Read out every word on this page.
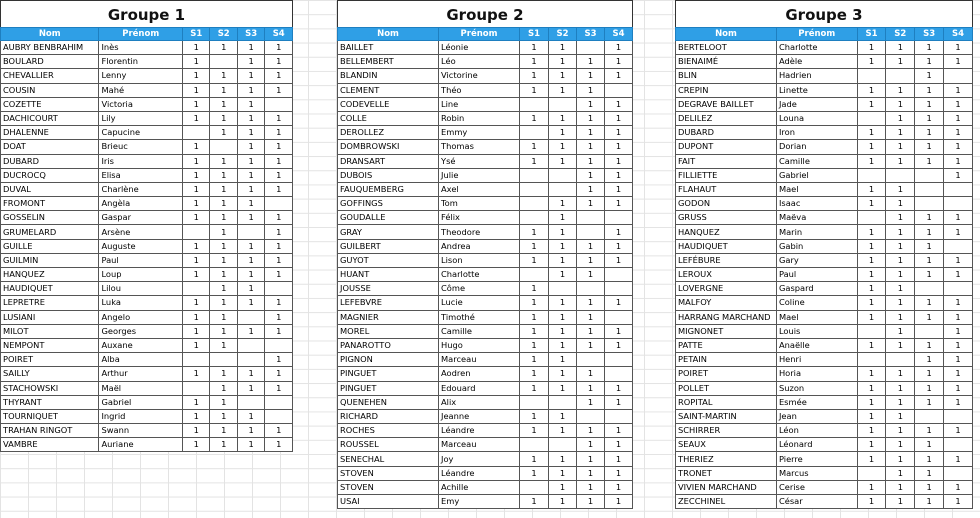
Groupe 1
Nom	Prénom	S1	S2	S3	S4
AUBRY BENBRAHIM	Inès	1	1	1	1
BOULARD	Florentin	1		1	1
CHEVALLIER	Lenny	1	1	1	1
COUSIN	Mahé	1	1	1	1
COZETTE	Victoria	1	1	1	
DACHICOURT	Lily	1	1	1	1
DHALENNE	Capucine		1	1	1
DOAT	Brieuc	1		1	1
DUBARD	Iris	1	1	1	1
DUCROCQ	Elisa	1	1	1	1
DUVAL	Charlène	1	1	1	1
FROMONT	Angèla	1	1	1	
GOSSELIN	Gaspar	1	1	1	1
GRUMELARD	Arsène		1		1
GUILLE	Auguste	1	1	1	1
GUILMIN	Paul	1	1	1	1
HANQUEZ	Loup	1	1	1	1
HAUDIQUET	Lilou		1	1	
LEPRETRE	Luka	1	1	1	1
LUSIANI	Angelo	1	1		1
MILOT	Georges	1	1	1	1
NEMPONT	Auxane	1	1		
POIRET	Alba				1
SAILLY	Arthur	1	1	1	1
STACHOWSKI	Maël		1	1	1
THYRANT	Gabriel	1	1		
TOURNIQUET	Ingrid	1	1	1	
TRAHAN RINGOT	Swann	1	1	1	1
VAMBRE	Auriane	1	1	1	1
Groupe 2
Nom	Prénom	S1	S2	S3	S4
BAILLET	Léonie	1	1		1
BELLEMBERT	Léo	1	1	1	1
BLANDIN	Victorine	1	1	1	1
CLEMENT	Théo	1	1	1	
CODEVELLE	Line			1	1
COLLE	Robin	1	1	1	1
DEROLLEZ	Emmy		1	1	1
DOMBROWSKI	Thomas	1	1	1	1
DRANSART	Ysé	1	1	1	1
DUBOIS	Julie			1	1
FAUQUEMBERG	Axel			1	1
GOFFINGS	Tom		1	1	1
GOUDALLE	Félix		1		
GRAY	Theodore	1	1		1
GUILBERT	Andrea	1	1	1	1
GUYOT	Lison	1	1	1	1
HUANT	Charlotte		1	1	
JOUSSE	Côme	1			
LEFEBVRE	Lucie	1	1	1	1
MAGNIER	Timothé	1	1	1	
MOREL	Camille	1	1	1	1
PANAROTTO	Hugo	1	1	1	1
PIGNON	Marceau	1	1		
PINGUET	Aodren	1	1	1	
PINGUET	Edouard	1	1	1	1
QUENEHEN	Alix			1	1
RICHARD	Jeanne	1	1		
ROCHES	Léandre	1	1	1	1
ROUSSEL	Marceau			1	1
SENECHAL	Joy	1	1	1	1
STOVEN	Léandre	1	1	1	1
STOVEN	Achille		1	1	1
USAI	Emy	1	1	1	1
Groupe 3
Nom	Prénom	S1	S2	S3	S4
BERTELOOT	Charlotte	1	1	1	1
BIENAIMÉ	Adèle	1	1	1	1
BLIN	Hadrien			1	
CREPIN	Linette	1	1	1	1
DEGRAVE BAILLET	Jade	1	1	1	1
DELILEZ	Louna		1	1	1
DUBARD	Iron	1	1	1	1
DUPONT	Dorian	1	1	1	1
FAIT	Camille	1	1	1	1
FILLIETTE	Gabriel				1
FLAHAUT	Mael	1	1		
GODON	Isaac	1	1		
GRUSS	Maëva		1	1	1
HANQUEZ	Marin	1	1	1	1
HAUDIQUET	Gabin	1	1	1	
LEFÉBURE	Gary	1	1	1	1
LEROUX	Paul	1	1	1	1
LOVERGNE	Gaspard	1	1		
MALFOY	Coline	1	1	1	1
HARRANG MARCHAND	Mael	1	1	1	1
MIGNONET	Louis		1		1
PATTE	Anaëlle	1	1	1	1
PETAIN	Henri			1	1
POIRET	Horia	1	1	1	1
POLLET	Suzon	1	1	1	1
ROPITAL	Esmée	1	1	1	1
SAINT-MARTIN	Jean	1	1		
SCHIRRER	Léon	1	1	1	1
SEAUX	Léonard	1	1	1	
THERIEZ	Pierre	1	1	1	1
TRONET	Marcus		1	1	
VIVIEN MARCHAND	Cerise	1	1	1	1
ZECCHINEL	César	1	1	1	1
